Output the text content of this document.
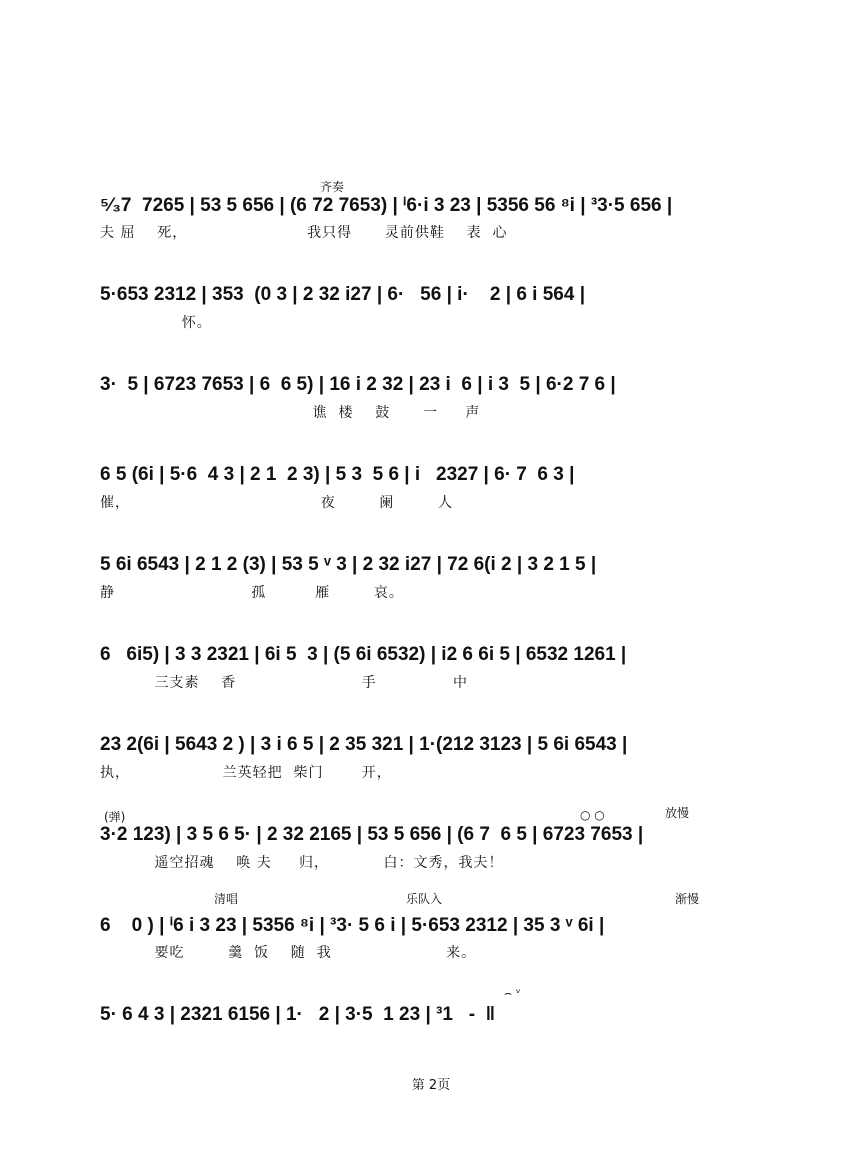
齐奏
⁵⁄₃7  7265 | 53 5 656 | (6 72 7653) | ⁱ6·i 3 23 | 5356 56 ⁸i | ³3·5 656 |
夫 屈    死，                      我只得      灵前供鞋    表  心
5·653 2312 | 353  (0 3 | 2 32 i27 | 6·   56 | i·    2 | 6 i 564 |
怀。
3·  5 | 6723 7653 | 6  6 5) | 16 i 2 32 | 23 i  6 | i 3  5 | 6·2 7 6 |
谯  楼    鼓      一     声
6 5 (6i | 5·6  4 3 | 2 1  2 3) | 5 3  5 6 | i   2327 | 6· 7  6 3 |
催，                                   夜        阑        人
5 6i 6543 | 2 1 2 (3) | 53 5 ᵛ 3 | 2 32 i27 | 72 6(i 2 | 3 2 1 5 |
静                         孤         雁        哀。
6   6i5) | 3 3 2321 | 6i 5  3 | (5 6i 6532) | i2 6 6i 5 | 6532 1261 |
三支素    香                       手              中
23 2(6i | 5643 2 ) | 3 i 6 5 | 2 35 321 | 1·(212 3123 | 5 6i 6543 |
执，                 兰英轻把  柴门       开，
(弹)	○ ○	放慢
3·2 123) | 3 5 6 5· | 2 32 2165 | 53 5 656 | (6 7  6 5 | 6723 7653 |
遥空招魂    唤 夫     归，          白：文秀，我夫！
清唱	乐队入	渐慢
6    0 ) | ⁱ6 i 3 23 | 5356 ⁸i | ³3· 5 6 i | 5·653 2312 | 35 3 ᵛ 6i |
要吃        羹  饭    随  我                     来。
⌢ ᵛ
5· 6 4 3 | 2321 6156 | 1·   2 | 3·5  1 23 | ³1   -  ‖
第 2页
